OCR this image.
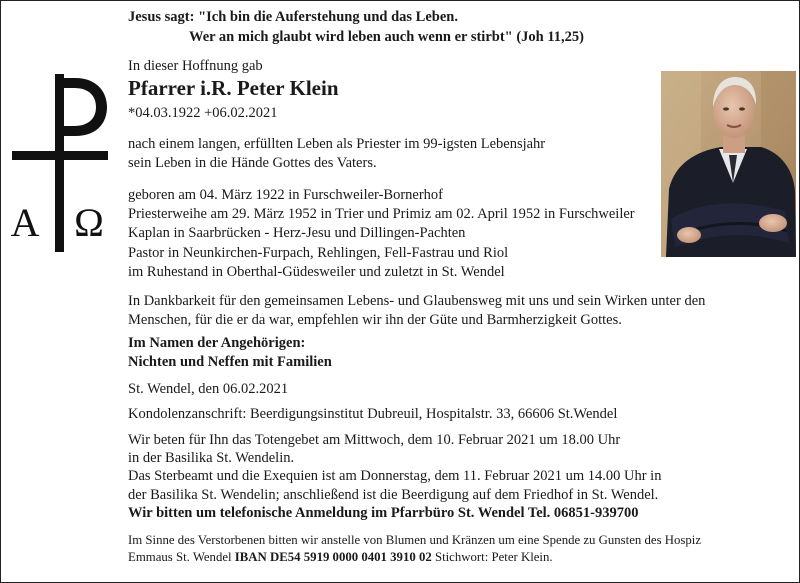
Jesus sagt: "Ich bin die Auferstehung und das Leben.

Wer an mich glaubt wird leben auch wenn er stirbt" (Joh 11,25)

In dieser Hoffnung gab

Pfarrer i.R. Peter Klein

*04.03.1922 +06.02.2021

nach einem langen, erfüllten Leben als Priester im 99-igsten Lebensjahr

sein Leben in die Hände Gottes des Vaters.

geboren am 04. März 1922 in Furschweiler-Bornerhof

Priesterweihe am 29. März 1952 in Trier und Primiz am 02. April 1952 in Furschweiler

Kaplan in Saarbrücken - Herz-Jesu und Dillingen-Pachten

Pastor in Neunkirchen-Furpach, Rehlingen, Fell-Fastrau und Riol

im Ruhestand in Oberthal-Güdesweiler und zuletzt in St. Wendel

In Dankbarkeit für den gemeinsamen Lebens- und Glaubensweg mit uns und sein Wirken unter den

Menschen, für die er da war, empfehlen wir ihn der Güte und Barmherzigkeit Gottes.

Im Namen der Angehörigen:

Nichten und Neffen mit Familien

St. Wendel, den 06.02.2021

Kondolenzanschrift: Beerdigungsinstitut Dubreuil, Hospitalstr. 33, 66606 St.Wendel

Wir beten für Ihn das Totengebet am Mittwoch, dem 10. Februar 2021 um 18.00 Uhr

in der Basilika St. Wendelin.

Das Sterbeamt und die Exequien ist am Donnerstag, dem 11. Februar 2021 um 14.00 Uhr in

der Basilika St. Wendelin; anschließend ist die Beerdigung auf dem Friedhof in St. Wendel.

Wir bitten um telefonische Anmeldung im Pfarrbüro St. Wendel Tel. 06851-939700

Im Sinne des Verstorbenen bitten wir anstelle von Blumen und Kränzen um eine Spende zu Gunsten des Hospiz

Emmaus St. Wendel IBAN DE54 5919 0000 0401 3910 02 Stichwort: Peter Klein.

A Ω
